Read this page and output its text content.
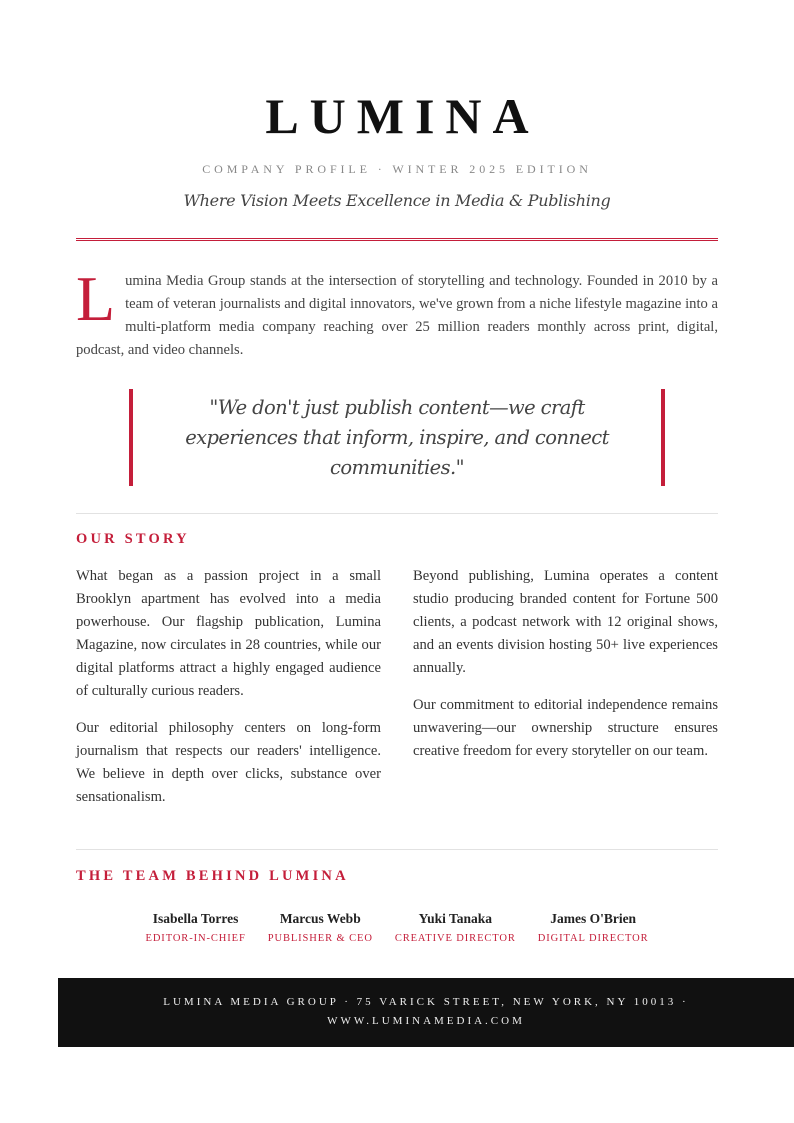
LUMINA
COMPANY PROFILE · WINTER 2025 EDITION
Where Vision Meets Excellence in Media & Publishing
L umina Media Group stands at the intersection of storytelling and technology. Founded in 2010 by a team of veteran journalists and digital innovators, we've grown from a niche lifestyle magazine into a multi-platform media company reaching over 25 million readers monthly across print, digital, podcast, and video channels.

"We don't just publish content—we craft experiences that inform, inspire, and connect communities."

OUR STORY

What began as a passion project in a small Brooklyn apartment has evolved into a media powerhouse. Our flagship publication, Lumina Magazine, now circulates in 28 countries, while our digital platforms attract a highly engaged audience of culturally curious readers.

Our editorial philosophy centers on long-form journalism that respects our readers' intelligence. We believe in depth over clicks, substance over sensationalism.

Beyond publishing, Lumina operates a content studio producing branded content for Fortune 500 clients, a podcast network with 12 original shows, and an events division hosting 50+ live experiences annually.

Our commitment to editorial independence remains unwavering—our ownership structure ensures creative freedom for every storyteller on our team.

THE TEAM BEHIND LUMINA
Isabella Torres
EDITOR-IN-CHIEF
Marcus Webb
PUBLISHER & CEO
Yuki Tanaka
CREATIVE DIRECTOR
James O'Brien
DIGITAL DIRECTOR
LUMINA MEDIA GROUP · 75 VARICK STREET, NEW YORK, NY 10013 ·
WWW.LUMINAMEDIA.COM
